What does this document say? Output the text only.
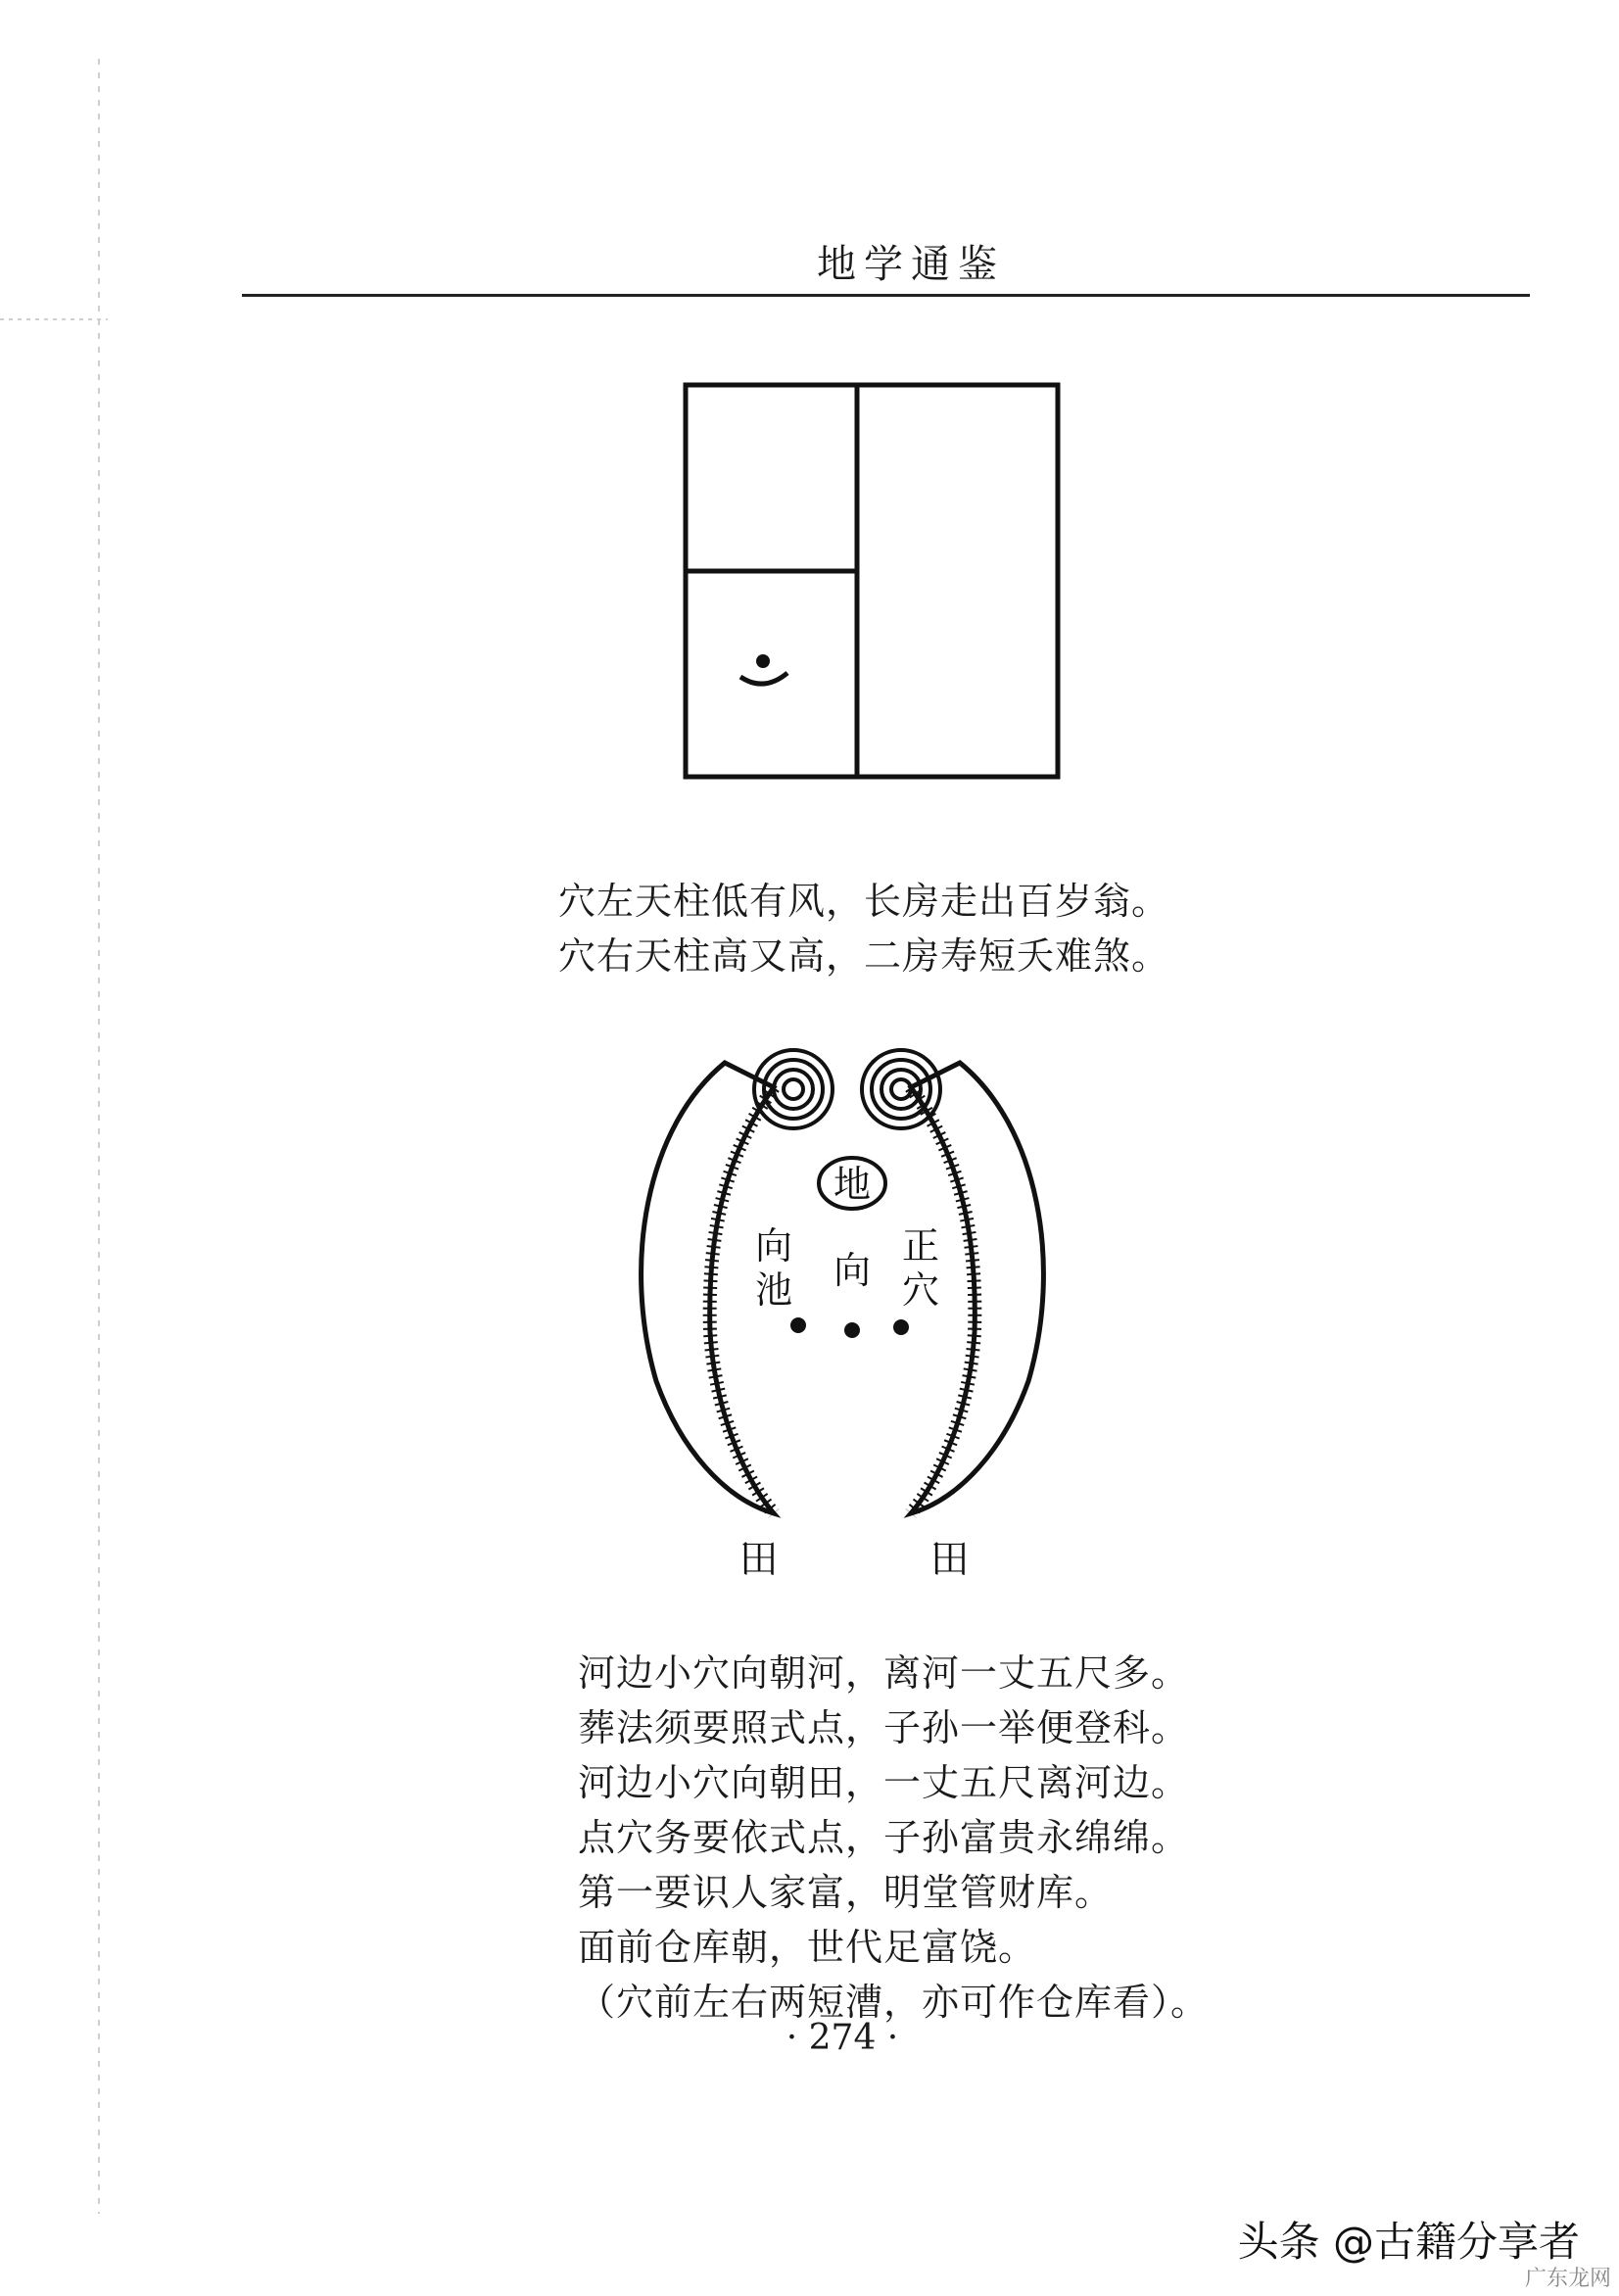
地学通鉴
穴左天柱低有风，长房走出百岁翁。
穴右天柱高又高，二房寿短夭难煞。
地
向
池 向
正
穴
田	田
河边小穴向朝河，离河一丈五尺多。
葬法须要照式点，子孙一举便登科。
河边小穴向朝田，一丈五尺离河边。
点穴务要依式点，子孙富贵永绵绵。
第一要识人家富，明堂管财库。
面前仓库朝，世代足富饶。
（穴前左右两短漕，亦可作仓库看）。
· 274 ·
头条 @古籍分享者
广东龙网
